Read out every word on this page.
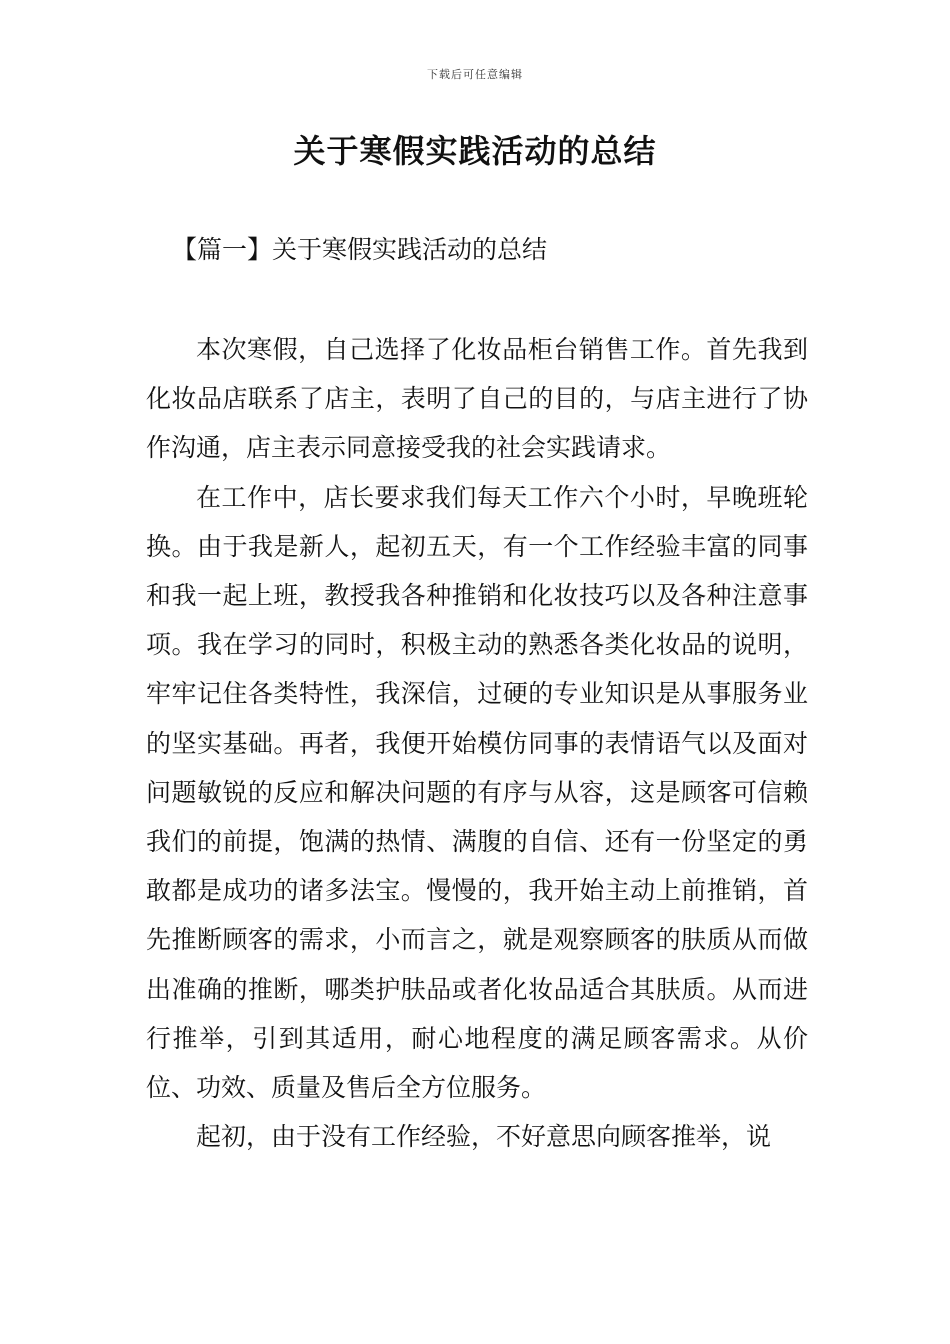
下载后可任意编辑
关于寒假实践活动的总结
【篇一】关于寒假实践活动的总结

本次寒假，自己选择了化妆品柜台销售工作。首先我到化妆品店联系了店主，表明了自己的目的，与店主进行了协作沟通，店主表示同意接受我的社会实践请求。

在工作中，店长要求我们每天工作六个小时，早晚班轮换。由于我是新人，起初五天，有一个工作经验丰富的同事和我一起上班，教授我各种推销和化妆技巧以及各种注意事项。我在学习的同时，积极主动的熟悉各类化妆品的说明，牢牢记住各类特性，我深信，过硬的专业知识是从事服务业的坚实基础。再者，我便开始模仿同事的表情语气以及面对问题敏锐的反应和解决问题的有序与从容，这是顾客可信赖我们的前提，饱满的热情、满腹的自信、还有一份坚定的勇敢都是成功的诸多法宝。慢慢的，我开始主动上前推销，首先推断顾客的需求，小而言之，就是观察顾客的肤质从而做出准确的推断，哪类护肤品或者化妆品适合其肤质。从而进行推举，引到其适用，耐心地程度的满足顾客需求。从价位、功效、质量及售后全方位服务。

起初，由于没有工作经验，不好意思向顾客推举，说
